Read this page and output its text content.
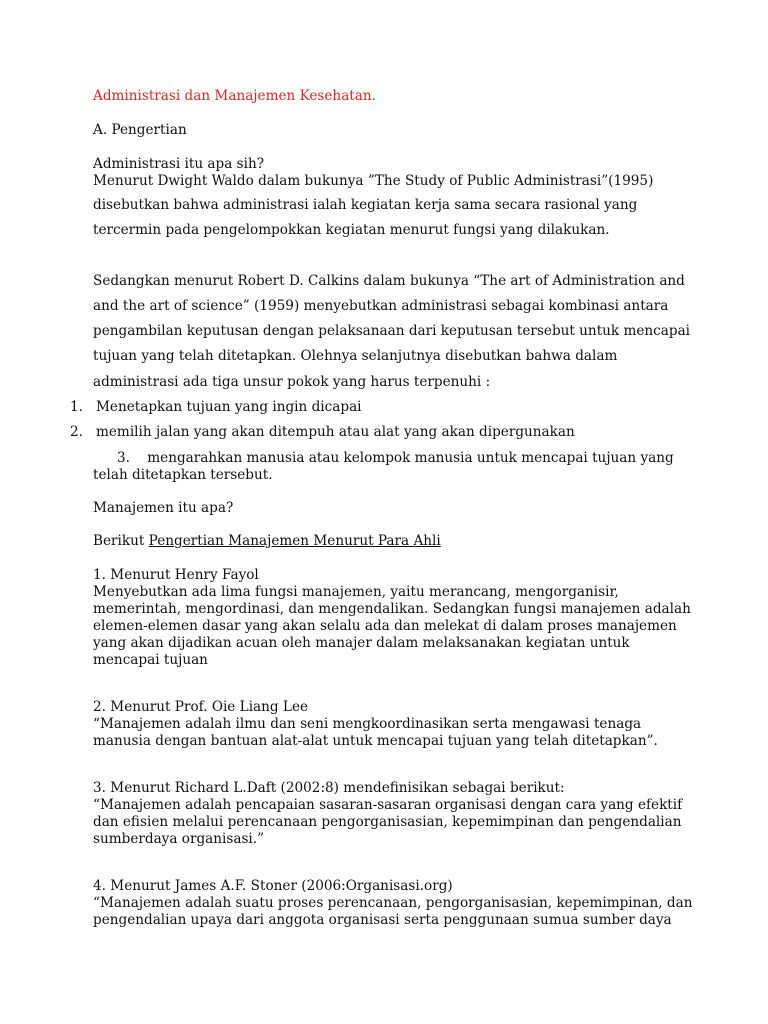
Administrasi dan Manajemen Kesehatan.

A. Pengertian

Administrasi itu apa sih?

Menurut Dwight Waldo dalam bukunya ”The Study of Public Administrasi”(1995)

disebutkan bahwa administrasi ialah kegiatan kerja sama secara rasional yang

tercermin pada pengelompokkan kegiatan menurut fungsi yang dilakukan.

Sedangkan menurut Robert D. Calkins dalam bukunya “The art of Administration and

and the art of science” (1959) menyebutkan administrasi sebagai kombinasi antara

pengambilan keputusan dengan pelaksanaan dari keputusan tersebut untuk mencapai

tujuan yang telah ditetapkan. Olehnya selanjutnya disebutkan bahwa dalam

administrasi ada tiga unsur pokok yang harus terpenuhi :

1. Menetapkan tujuan yang ingin dicapai

2. memilih jalan yang akan ditempuh atau alat yang akan dipergunakan

3.    mengarahkan manusia atau kelompok manusia untuk mencapai tujuan yang

telah ditetapkan tersebut.

Manajemen itu apa?

Berikut Pengertian Manajemen Menurut Para Ahli

1. Menurut Henry Fayol

Menyebutkan ada lima fungsi manajemen, yaitu merancang, mengorganisir,

memerintah, mengordinasi, dan mengendalikan. Sedangkan fungsi manajemen adalah

elemen-elemen dasar yang akan selalu ada dan melekat di dalam proses manajemen

yang akan dijadikan acuan oleh manajer dalam melaksanakan kegiatan untuk

mencapai tujuan

2. Menurut Prof. Oie Liang Lee

“Manajemen adalah ilmu dan seni mengkoordinasikan serta mengawasi tenaga

manusia dengan bantuan alat-alat untuk mencapai tujuan yang telah ditetapkan”.

3. Menurut Richard L.Daft (2002:8) mendefinisikan sebagai berikut:

“Manajemen adalah pencapaian sasaran-sasaran organisasi dengan cara yang efektif

dan efisien melalui perencanaan pengorganisasian, kepemimpinan dan pengendalian

sumberdaya organisasi.”

4. Menurut James A.F. Stoner (2006:Organisasi.org)

“Manajemen adalah suatu proses perencanaan, pengorganisasian, kepemimpinan, dan

pengendalian upaya dari anggota organisasi serta penggunaan sumua sumber daya
